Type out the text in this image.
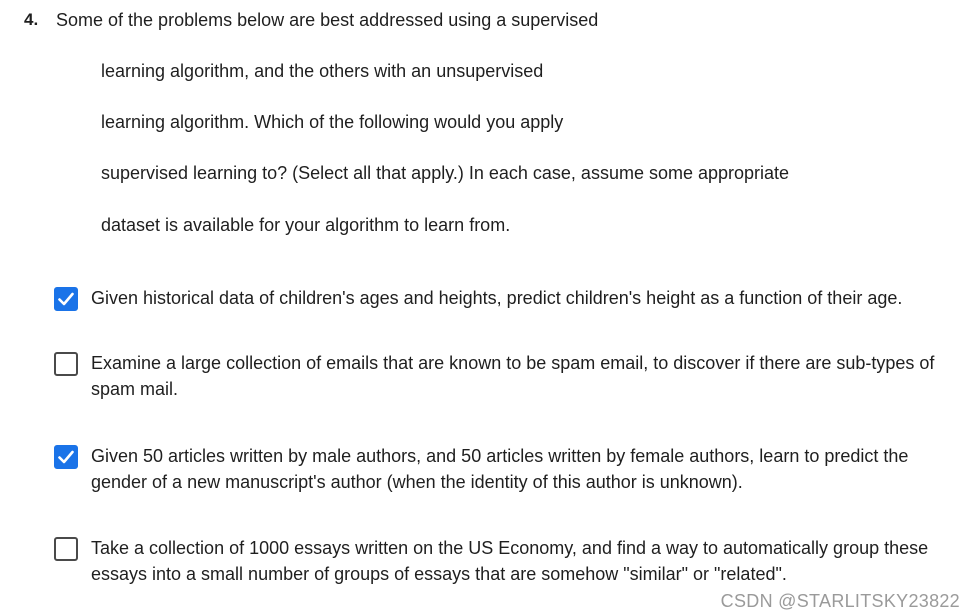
4. Some of the problems below are best addressed using a supervised
learning algorithm, and the others with an unsupervised
learning algorithm. Which of the following would you apply
supervised learning to? (Select all that apply.) In each case, assume some appropriate
dataset is available for your algorithm to learn from.
Given historical data of children's ages and heights, predict children's height as a function of their age.
Examine a large collection of emails that are known to be spam email, to discover if there are sub-types of spam mail.
Given 50 articles written by male authors, and 50 articles written by female authors, learn to predict the gender of a new manuscript's author (when the identity of this author is unknown).
Take a collection of 1000 essays written on the US Economy, and find a way to automatically group these essays into a small number of groups of essays that are somehow "similar" or "related".
CSDN @STARLITSKY23822
